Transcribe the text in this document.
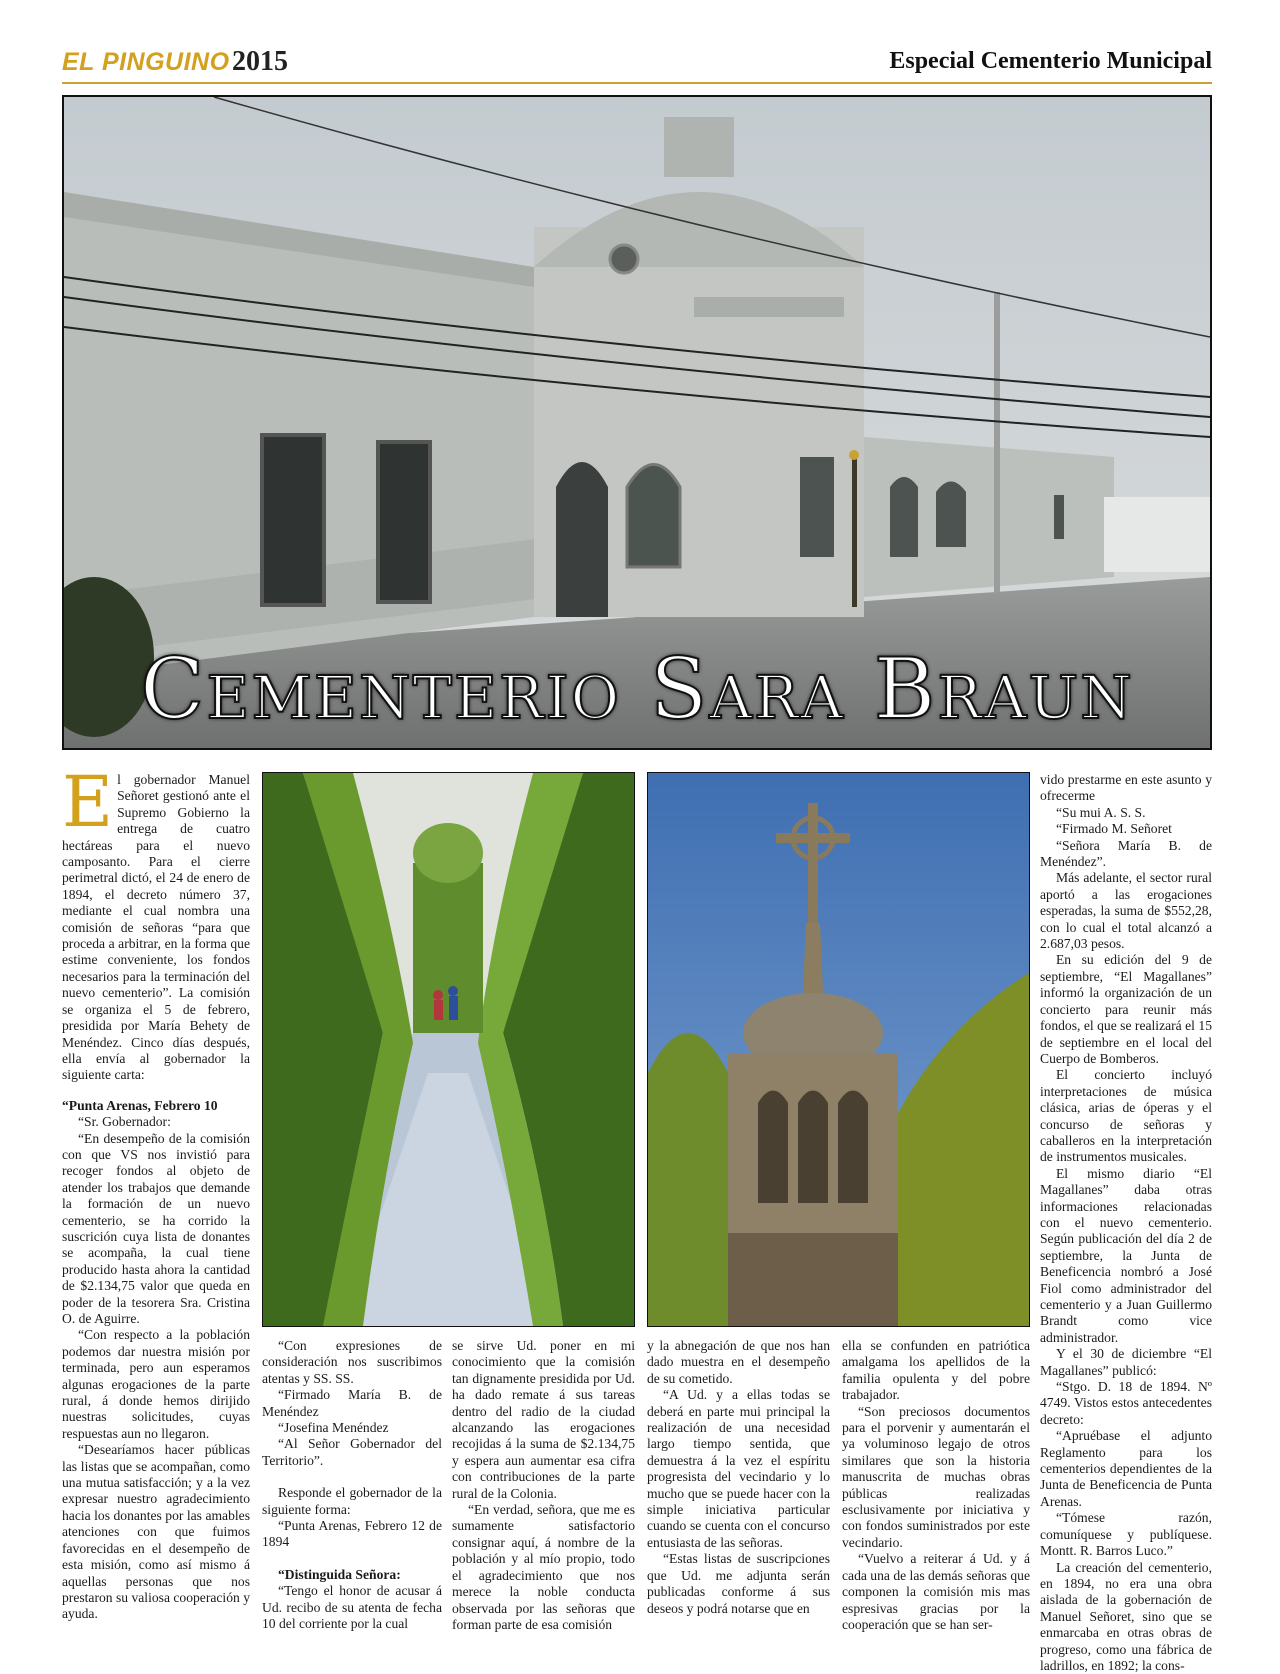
EL PINGUINO 2015	Especial Cementerio Municipal
Cementerio Sara Braun

El gobernador Manuel Señoret gestionó ante el Supremo Gobierno la entrega de cuatro hectáreas para el nuevo camposanto. Para el cierre perimetral dictó, el 24 de enero de 1894, el decreto número 37, mediante el cual nombra una comisión de señoras “para que proceda a arbitrar, en la forma que estime conveniente, los fondos necesarios para la terminación del nuevo cementerio”. La comisión se organiza el 5 de febrero, presidida por María Behety de Menéndez. Cinco días después, ella envía al gobernador la siguiente carta:

“Punta Arenas, Febrero 10

“Sr. Gobernador:

“En desempeño de la comisión con que VS nos invistió para recoger fondos al objeto de atender los trabajos que demande la formación de un nuevo cementerio, se ha corrido la suscrición cuya lista de donantes se acompaña, la cual tiene producido hasta ahora la cantidad de $2.134,75 valor que queda en poder de la tesorera Sra. Cristina O. de Aguirre.

“Con respecto a la población podemos dar nuestra misión por terminada, pero aun esperamos algunas erogaciones de la parte rural, á donde hemos dirijido nuestras solicitudes, cuyas respuestas aun no llegaron.

“Desearíamos hacer públicas las listas que se acompañan, como una mutua satisfacción; y a la vez expresar nuestro agradecimiento hacia los donantes por las amables atenciones con que fuimos favorecidas en el desempeño de esta misión, como así mismo á aquellas personas que nos prestaron su valiosa cooperación y ayuda.

“Con expresiones de consideración nos suscribimos atentas y SS. SS.

“Firmado María B. de Menéndez

“Josefina Menéndez

“Al Señor Gobernador del Territorio”.

Responde el gobernador de la siguiente forma:

“Punta Arenas, Febrero 12 de 1894

“Distinguida Señora:

“Tengo el honor de acusar á Ud. recibo de su atenta de fecha 10 del corriente por la cual

se sirve Ud. poner en mi conocimiento que la comisión tan dignamente presidida por Ud. ha dado remate á sus tareas dentro del radio de la ciudad alcanzando las erogaciones recojidas á la suma de $2.134,75 y espera aun aumentar esa cifra con contribuciones de la parte rural de la Colonia.

“En verdad, señora, que me es sumamente satisfactorio consignar aquí, á nombre de la población y al mío propio, todo el agradecimiento que nos merece la noble conducta observada por las señoras que forman parte de esa comisión

y la abnegación de que nos han dado muestra en el desempeño de su cometido.

“A Ud. y a ellas todas se deberá en parte mui principal la realización de una necesidad largo tiempo sentida, que demuestra á la vez el espíritu progresista del vecindario y lo mucho que se puede hacer con la simple iniciativa particular cuando se cuenta con el concurso entusiasta de las señoras.

“Estas listas de suscripciones que Ud. me adjunta serán publicadas conforme á sus deseos y podrá notarse que en

ella se confunden en patriótica amalgama los apellidos de la familia opulenta y del pobre trabajador.

“Son preciosos documentos para el porvenir y aumentarán el ya voluminoso legajo de otros similares que son la historia manuscrita de muchas obras públicas realizadas esclusivamente por iniciativa y con fondos suministrados por este vecindario.

“Vuelvo a reiterar á Ud. y á cada una de las demás señoras que componen la comisión mis mas espresivas gracias por la cooperación que se han ser-

vido prestarme en este asunto y ofrecerme

“Su mui A. S. S.

“Firmado M. Señoret

“Señora María B. de Menéndez”.

Más adelante, el sector rural aportó a las erogaciones esperadas, la suma de $552,28, con lo cual el total alcanzó a 2.687,03 pesos.

En su edición del 9 de septiembre, “El Magallanes” informó la organización de un concierto para reunir más fondos, el que se realizará el 15 de septiembre en el local del Cuerpo de Bomberos.

El concierto incluyó interpretaciones de música clásica, arias de óperas y el concurso de señoras y caballeros en la interpretación de instrumentos musicales.

El mismo diario “El Magallanes” daba otras informaciones relacionadas con el nuevo cementerio. Según publicación del día 2 de septiembre, la Junta de Beneficencia nombró a José Fiol como administrador del cementerio y a Juan Guillermo Brandt como vice administrador.

Y el 30 de diciembre “El Magallanes” publicó:

“Stgo. D. 18 de 1894. Nº 4749. Vistos estos antecedentes decreto:

“Apruébase el adjunto Reglamento para los cementerios dependientes de la Junta de Beneficencia de Punta Arenas.

“Tómese razón, comuníquese y publíquese. Montt. R. Barros Luco.”

La creación del cementerio, en 1894, no era una obra aislada de la gobernación de Manuel Señoret, sino que se enmarcaba en otras obras de progreso, como una fábrica de ladrillos, en 1892; la cons-
